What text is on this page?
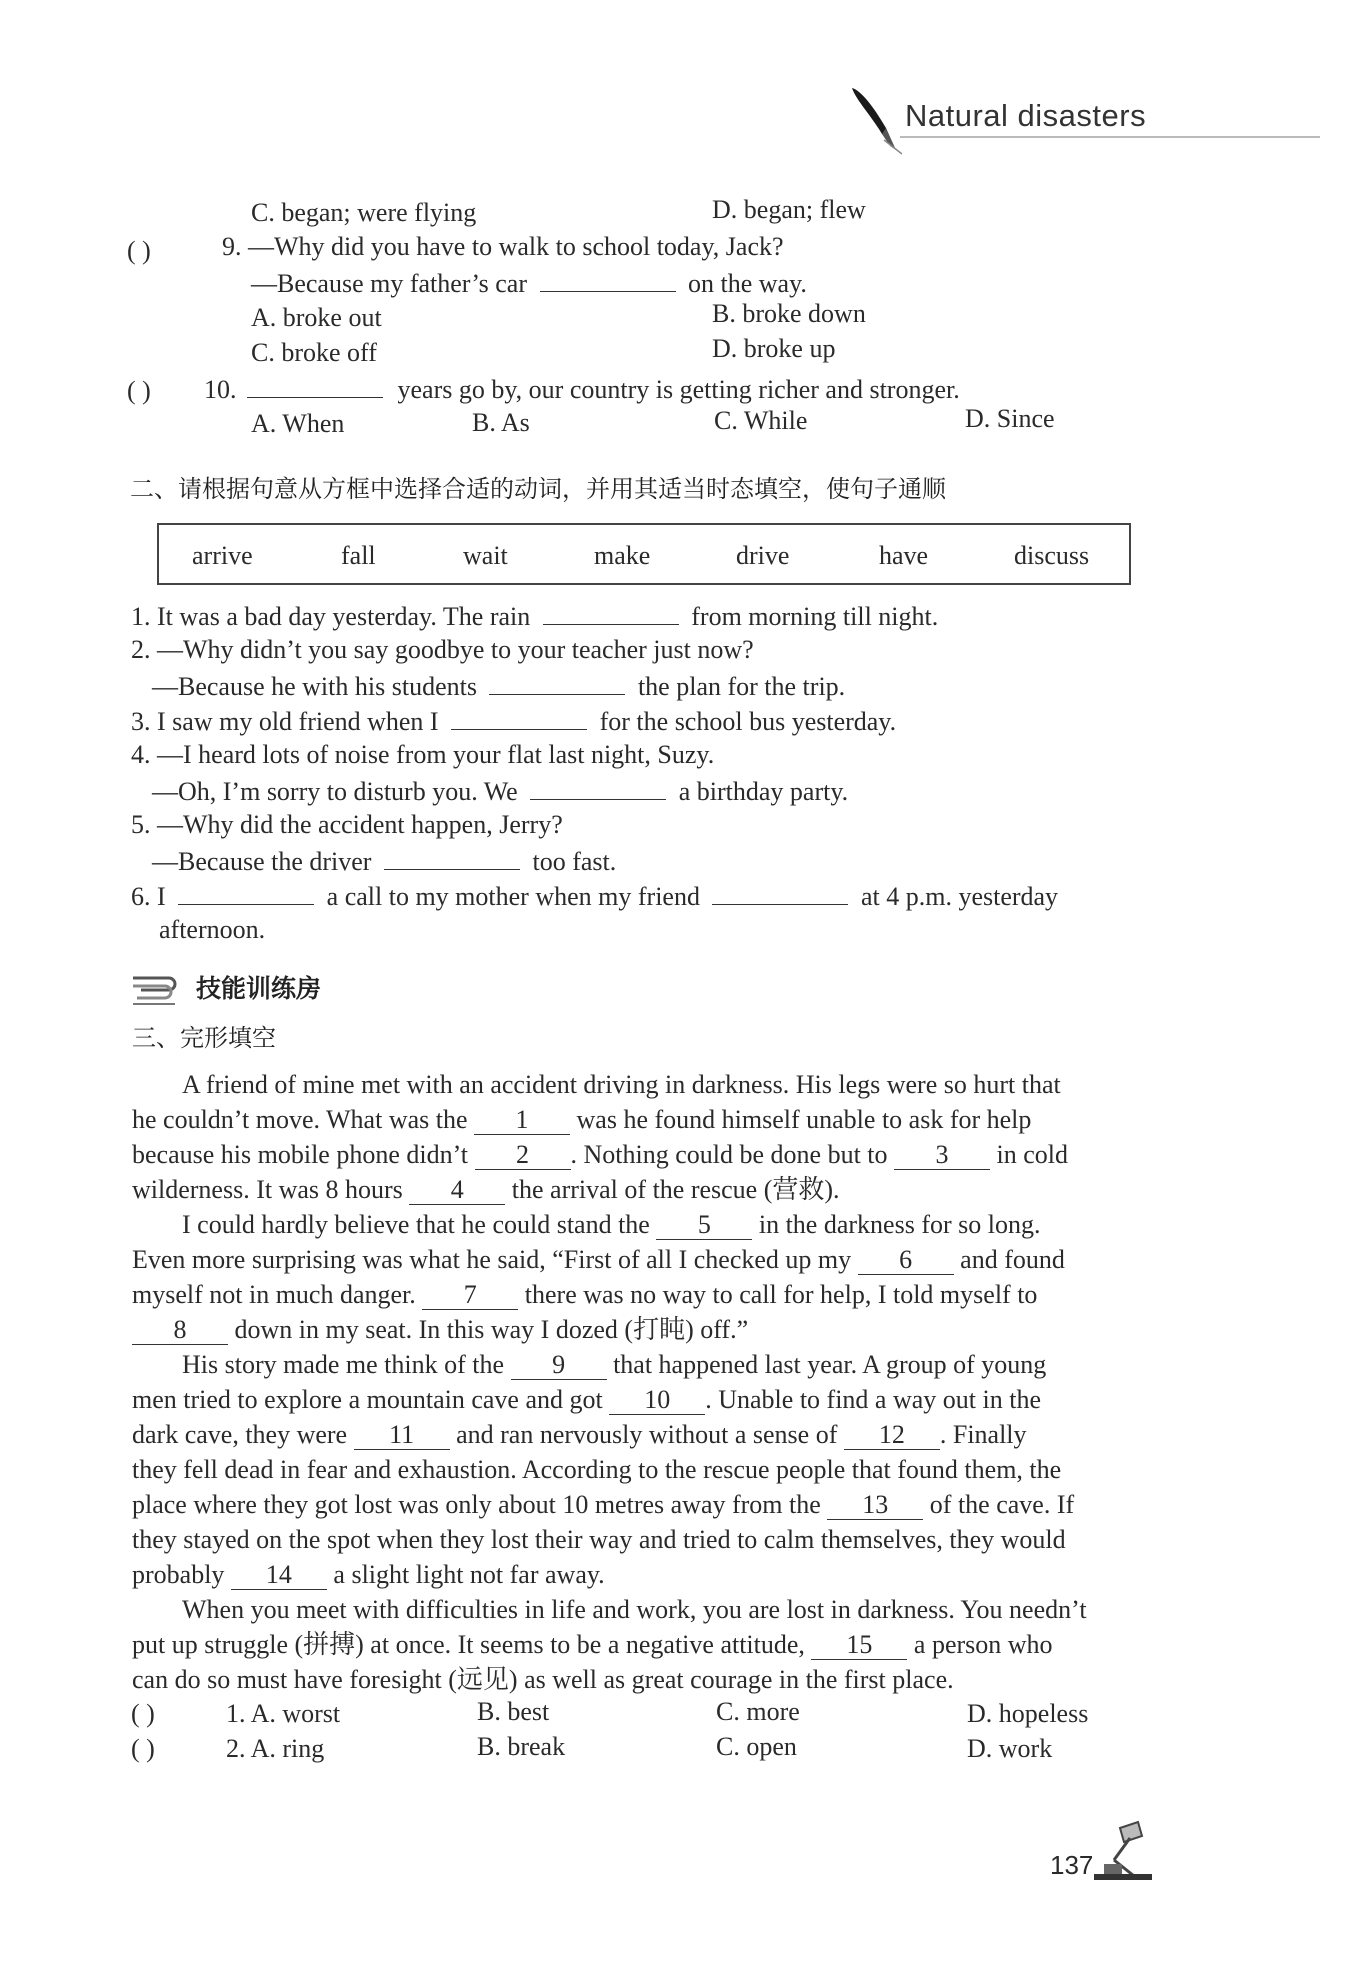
Natural disasters
C. began; were flying	D. began; flew
( )	9. —Why did you have to walk to school today, Jack?
—Because my father’s car	on the way.
A. broke out	B. broke down
C. broke off	D. broke up
( ) 10.	years go by, our country is getting richer and stronger.
A. When	B. As	C. While	D. Since
二、请根据句意从方框中选择合适的动词，并用其适当时态填空，使句子通顺
arrive	fall	wait	make	drive	have	discuss
1. It was a bad day yesterday. The rain	from morning till night.
2. —Why didn’t you say goodbye to your teacher just now?
—Because he with his students	the plan for the trip.
3. I saw my old friend when I	for the school bus yesterday.
4. —I heard lots of noise from your flat last night, Suzy.
—Oh, I’m sorry to disturb you. We	a birthday party.
5. —Why did the accident happen, Jerry?
—Because the driver	too fast.
6. I	a call to my mother when my friend	at 4 p.m. yesterday
afternoon.
技能训练房
三、完形填空
A friend of mine met with an accident driving in darkness. His legs were so hurt that
he couldn’t move. What was the 1 was he found himself unable to ask for help
because his mobile phone didn’t 2 . Nothing could be done but to 3 in cold
wilderness. It was 8 hours 4 the arrival of the rescue (营救).
I could hardly believe that he could stand the 5 in the darkness for so long.
Even more surprising was what he said, “First of all I checked up my 6 and found
myself not in much danger. 7 there was no way to call for help, I told myself to
8 down in my seat. In this way I dozed (打盹) off.”
His story made me think of the 9 that happened last year. A group of young
men tried to explore a mountain cave and got 10 . Unable to find a way out in the
dark cave, they were 11 and ran nervously without a sense of 12 . Finally
they fell dead in fear and exhaustion. According to the rescue people that found them, the
place where they got lost was only about 10 metres away from the 13 of the cave. If
they stayed on the spot when they lost their way and tried to calm themselves, they would
probably 14 a slight light not far away.
When you meet with difficulties in life and work, you are lost in darkness. You needn’t
put up struggle (拼搏) at once. It seems to be a negative attitude, 15 a person who
can do so must have foresight (远见) as well as great courage in the first place.
( )	1. A. worst	B. best	C. more	D. hopeless
( )	2. A. ring	B. break	C. open	D. work
137
